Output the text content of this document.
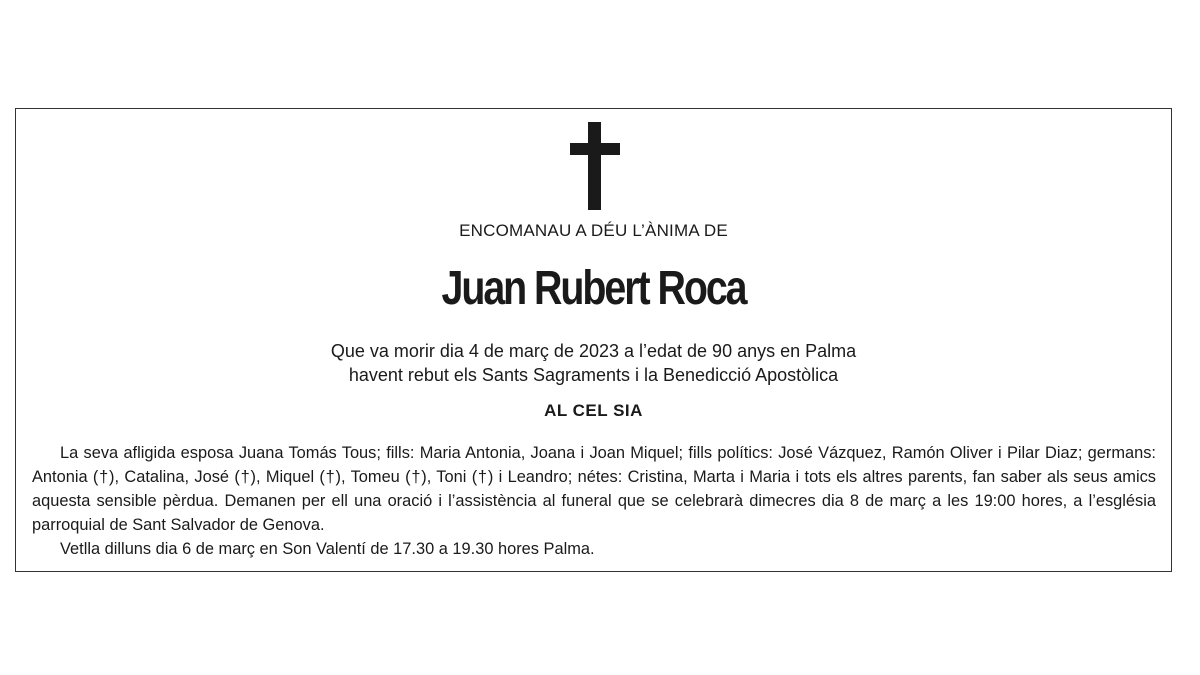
ENCOMANAU A DÉU L’ÀNIMA DE
Juan Rubert Roca
Que va morir dia 4 de març de 2023 a l’edat de 90 anys en Palma
havent rebut els Sants Sagraments i la Benedicció Apostòlica
AL CEL SIA

La seva afligida esposa Juana Tomás Tous; fills: Maria Antonia, Joana i Joan Miquel; fills polítics: José Vázquez, Ramón Oliver i Pilar Diaz; germans: Antonia (†), Catalina, José (†), Miquel (†), Tomeu (†), Toni (†) i Leandro; nétes: Cristina, Marta i Maria i tots els altres parents, fan saber als seus amics aquesta sensible pèrdua. Demanen per ell una oració i l’assistència al funeral que se celebrarà dimecres dia 8 de març a les 19:00 hores, a l’església parroquial de Sant Salvador de Genova.

Vetlla dilluns dia 6 de març en Son Valentí de 17.30 a 19.30 hores Palma.
